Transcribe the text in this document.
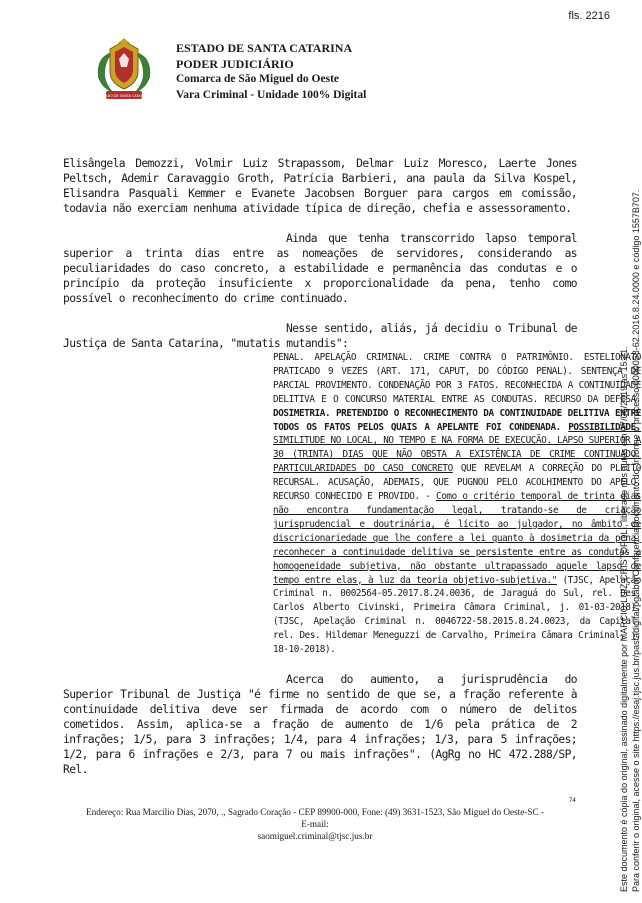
fls. 2216
ESTADO DE SANTA CATARINA
ESTADO DE SANTA CATARINA
PODER JUDICIÁRIO
Comarca de São Miguel do Oeste
Vara Criminal - Unidade 100% Digital

Elisângela Demozzi, Volmir Luiz Strapassom, Delmar Luiz Moresco, Laerte Jones Peltsch, Ademir Caravaggio Groth, Patrícia Barbieri, ana paula da Silva Kospel, Elisandra Pasquali Kemmer e Evanete Jacobsen Borguer para cargos em comissão, todavia não exerciam nenhuma atividade típica de direção, chefia e assessoramento.

Ainda que tenha transcorrido lapso temporal superior a trinta dias entre as nomeações de servidores, considerando as peculiaridades do caso concreto, a estabilidade e permanência das condutas e o princípio da proteção insuficiente x proporcionalidade da pena, tenho como possível o reconhecimento do crime continuado.

Nesse sentido, aliás, já decidiu o Tribunal de Justiça de Santa Catarina, "mutatis mutandis":

PENAL. APELAÇÃO CRIMINAL. CRIME CONTRA O PATRIMÔNIO. ESTELIONATO PRATICADO 9 VEZES (ART. 171, CAPUT, DO CÓDIGO PENAL). SENTENÇA DE PARCIAL PROVIMENTO. CONDENAÇÃO POR 3 FATOS. RECONHECIDA A CONTINUIDADE DELITIVA E O CONCURSO MATERIAL ENTRE AS CONDUTAS. RECURSO DA DEFESA. DOSIMETRIA. PRETENDIDO O RECONHECIMENTO DA CONTINUIDADE DELITIVA ENTRE TODOS OS FATOS PELOS QUAIS A APELANTE FOI CONDENADA. POSSIBILIDADE. SIMILITUDE NO LOCAL, NO TEMPO E NA FORMA DE EXECUÇÃO. LAPSO SUPERIOR A 30 (TRINTA) DIAS QUE NÃO OBSTA A EXISTÊNCIA DE CRIME CONTINUADO. PARTICULARIDADES DO CASO CONCRETO QUE REVELAM A CORREÇÃO DO PLEITO RECURSAL. ACUSAÇÃO, ADEMAIS, QUE PUGNOU PELO ACOLHIMENTO DO APELO. RECURSO CONHECIDO E PROVIDO. - Como o critério temporal de trinta dias não encontra fundamentação legal, tratando-se de criação jurisprudencial e doutrinária, é lícito ao julgador, no âmbito de discricionariedade que lhe confere a lei quanto à dosimetria da pena, reconhecer a continuidade delitiva se persistente entre as condutas a homogeneidade subjetiva, não obstante ultrapassado aquele lapso de tempo entre elas, à luz da teoria objetivo-subjetiva." (TJSC, Apelação Criminal n. 0002564-05.2017.8.24.0036, de Jaraguá do Sul, rel. Des. Carlos Alberto Civinski, Primeira Câmara Criminal, j. 01-03-2018). (TJSC, Apelação Criminal n. 0046722-58.2015.8.24.0023, da Capital, rel. Des. Hildemar Meneguzzi de Carvalho, Primeira Câmara Criminal, j. 18-10-2018).

Acerca do aumento, a jurisprudência do Superior Tribunal de Justiça "é firme no sentido de que se, a fração referente à continuidade delitiva deve ser firmada de acordo com o número de delitos cometidos. Assim, aplica-se a fração de aumento de 1/6 pela prática de 2 infrações; 1/5, para 3 infrações; 1/4, para 4 infrações; 1/3, para 5 infrações; 1/2, para 6 infrações e 2/3, para 7 ou mais infrações". (AgRg no HC 472.288/SP, Rel.

74
Endereço: Rua Marcílio Dias, 2070, ., Sagrado Coração - CEP 89900-000, Fone: (49) 3631-1523, São Miguel do Oeste-SC - E-mail:
saomiguel.criminal@tjsc.jus.br	Este documento é cópia do original, assinado digitalmente por MARCIO LUIZ CRISTOFOLI, liberado nos autos em 07/06/2019 às 15:21. Para conferir o original, acesse o site https://esaj.tjsc.jus.br/pastadigital/pg/abrirConferenciaDocumento.do, informe o processo 0000058-62.2016.8.24.0000 e código 1557B707.
